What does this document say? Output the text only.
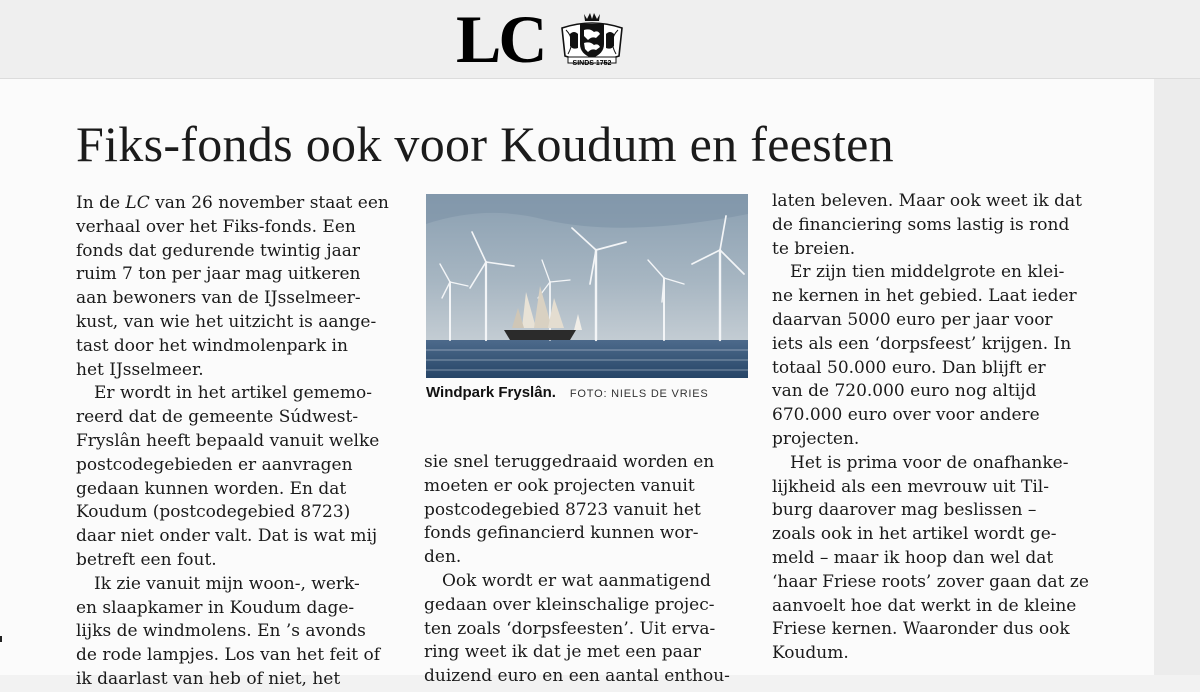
LC	SINDS 1752
Fiks-fonds ook voor Koudum en feesten
In de LC van 26 november staat een
verhaal over het Fiks-fonds. Een
fonds dat gedurende twintig jaar
ruim 7 ton per jaar mag uitkeren
aan bewoners van de IJsselmeer-
kust, van wie het uitzicht is aange-
tast door het windmolenpark in
het IJsselmeer.
Er wordt in het artikel gememo-
reerd dat de gemeente Súdwest-
Fryslân heeft bepaald vanuit welke
postcodegebieden er aanvragen
gedaan kunnen worden. En dat
Koudum (postcodegebied 8723)
daar niet onder valt. Dat is wat mij
betreft een fout.
Ik zie vanuit mijn woon-, werk-
en slaapkamer in Koudum dage-
lijks de windmolens. En ’s avonds
de rode lampjes. Los van het feit of
ik daarlast van heb of niet, het
Windpark Fryslân. FOTO: NIELS DE VRIES
sie snel teruggedraaid worden en
moeten er ook projecten vanuit
postcodegebied 8723 vanuit het
fonds gefinancierd kunnen wor-
den.
Ook wordt er wat aanmatigend
gedaan over kleinschalige projec-
ten zoals ‘dorpsfeesten’. Uit erva-
ring weet ik dat je met een paar
duizend euro en een aantal enthou-
laten beleven. Maar ook weet ik dat
de financiering soms lastig is rond
te breien.
Er zijn tien middelgrote en klei-
ne kernen in het gebied. Laat ieder
daarvan 5000 euro per jaar voor
iets als een ‘dorpsfeest’ krijgen. In
totaal 50.000 euro. Dan blijft er
van de 720.000 euro nog altijd
670.000 euro over voor andere
projecten.
Het is prima voor de onafhanke-
lijkheid als een mevrouw uit Til-
burg daarover mag beslissen –
zoals ook in het artikel wordt ge-
meld – maar ik hoop dan wel dat
‘haar Friese roots’ zover gaan dat ze
aanvoelt hoe dat werkt in de kleine
Friese kernen. Waaronder dus ook
Koudum.
